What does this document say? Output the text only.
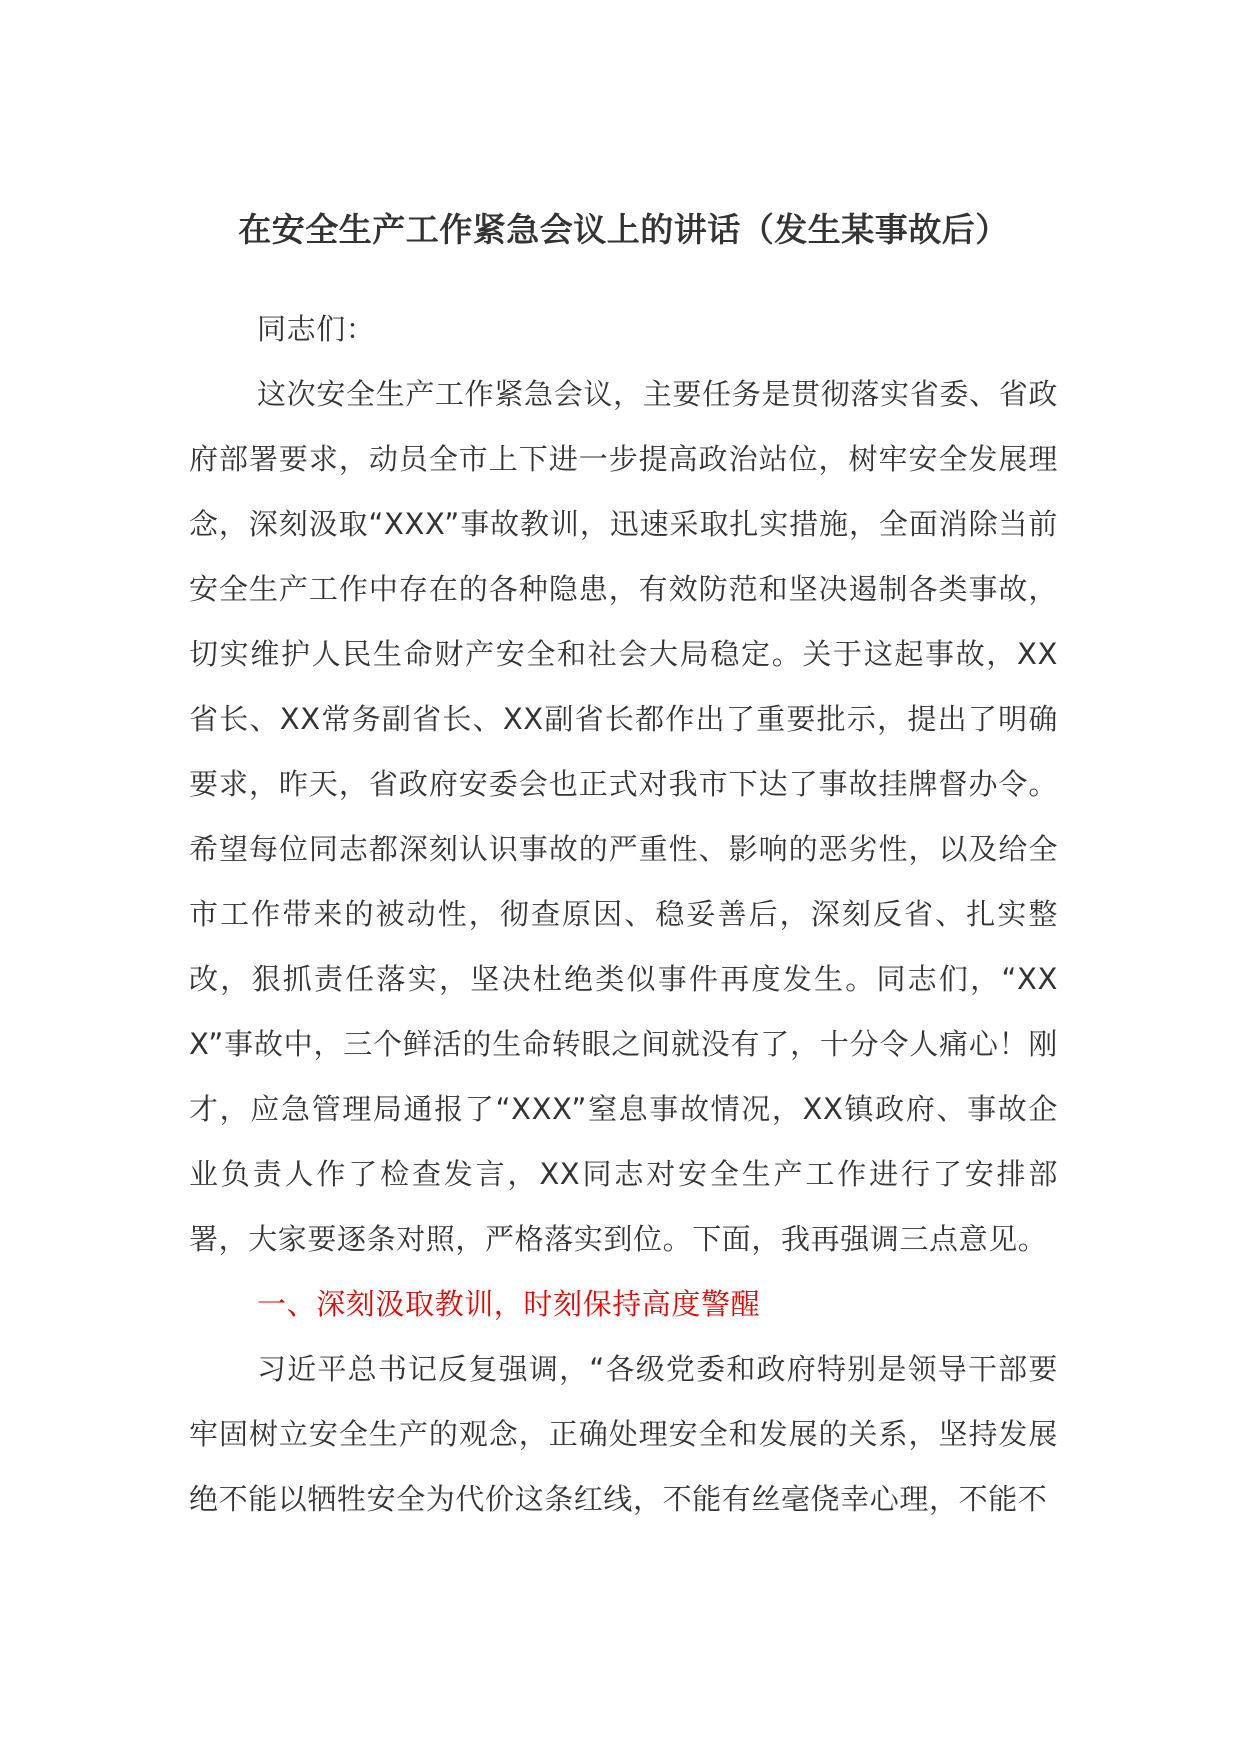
在安全生产工作紧急会议上的讲话（发生某事故后）

同志们：

这次安全生产工作紧急会议，主要任务是贯彻落实省委、省政府部署要求，动员全市上下进一步提高政治站位，树牢安全发展理念，深刻汲取“XXX”事故教训，迅速采取扎实措施，全面消除当前安全生产工作中存在的各种隐患，有效防范和坚决遏制各类事故，切实维护人民生命财产安全和社会大局稳定。关于这起事故，XX省长、XX常务副省长、XX副省长都作出了重要批示，提出了明确要求，昨天，省政府安委会也正式对我市下达了事故挂牌督办令。希望每位同志都深刻认识事故的严重性、影响的恶劣性，以及给全市工作带来的被动性，彻查原因、稳妥善后，深刻反省、扎实整改，狠抓责任落实，坚决杜绝类似事件再度发生。同志们，“XXX”事故中，三个鲜活的生命转眼之间就没有了，十分令人痛心！刚才，应急管理局通报了“XXX”窒息事故情况，XX镇政府、事故企业负责人作了检查发言，XX同志对安全生产工作进行了安排部署，大家要逐条对照，严格落实到位。下面，我再强调三点意见。

一、深刻汲取教训，时刻保持高度警醒

习近平总书记反复强调，“各级党委和政府特别是领导干部要牢固树立安全生产的观念，正确处理安全和发展的关系，坚持发展绝不能以牺牲安全为代价这条红线，不能有丝毫侥幸心理，不能不
